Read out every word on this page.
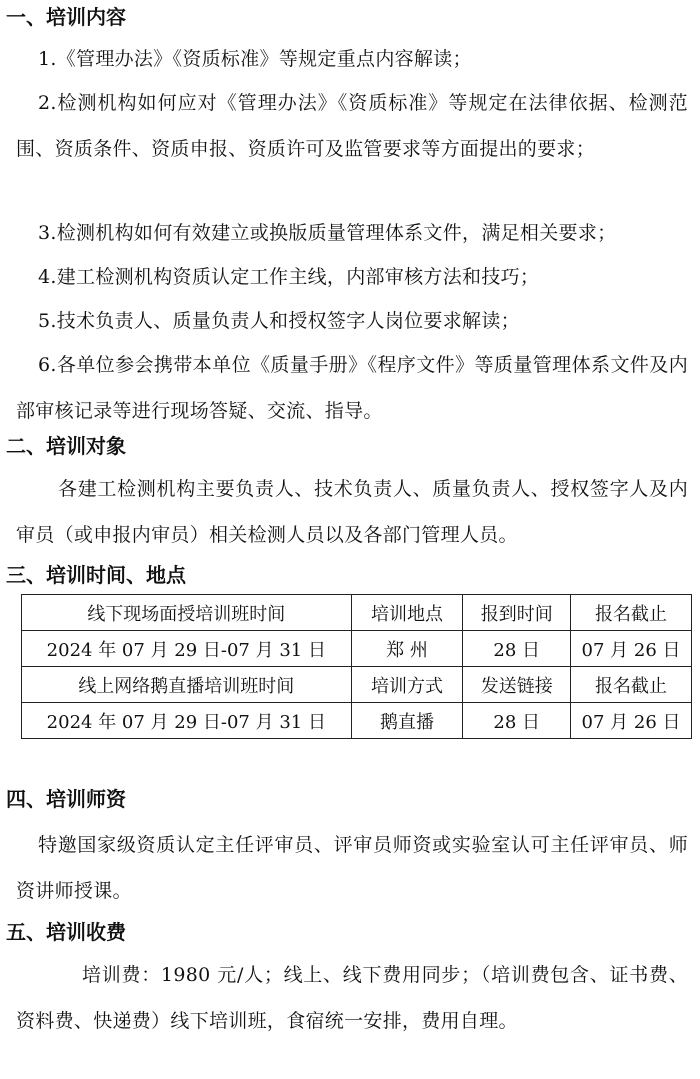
一、培训内容
1.《管理办法》《资质标准》等规定重点内容解读；
2.检测机构如何应对《管理办法》《资质标准》等规定在法律依据、检测范围、资质条件、资质申报、资质许可及监管要求等方面提出的要求；
3.检测机构如何有效建立或换版质量管理体系文件，满足相关要求；
4.建工检测机构资质认定工作主线，内部审核方法和技巧；
5.技术负责人、质量负责人和授权签字人岗位要求解读；
6.各单位参会携带本单位《质量手册》《程序文件》等质量管理体系文件及内部审核记录等进行现场答疑、交流、指导。
二、培训对象
各建工检测机构主要负责人、技术负责人、质量负责人、授权签字人及内审员（或申报内审员）相关检测人员以及各部门管理人员。
三、培训时间、地点
线下现场面授培训班时间	培训地点	报到时间	报名截止
2024 年 07 月 29 日-07 月 31 日	郑 州	28 日	07 月 26 日
线上网络鹅直播培训班时间	培训方式	发送链接	报名截止
2024 年 07 月 29 日-07 月 31 日	鹅直播	28 日	07 月 26 日
四、培训师资
特邀国家级资质认定主任评审员、评审员师资或实验室认可主任评审员、师资讲师授课。
五、培训收费
培训费：1980 元/人；线上、线下费用同步；（培训费包含、证书费、资料费、快递费）线下培训班，食宿统一安排，费用自理。
